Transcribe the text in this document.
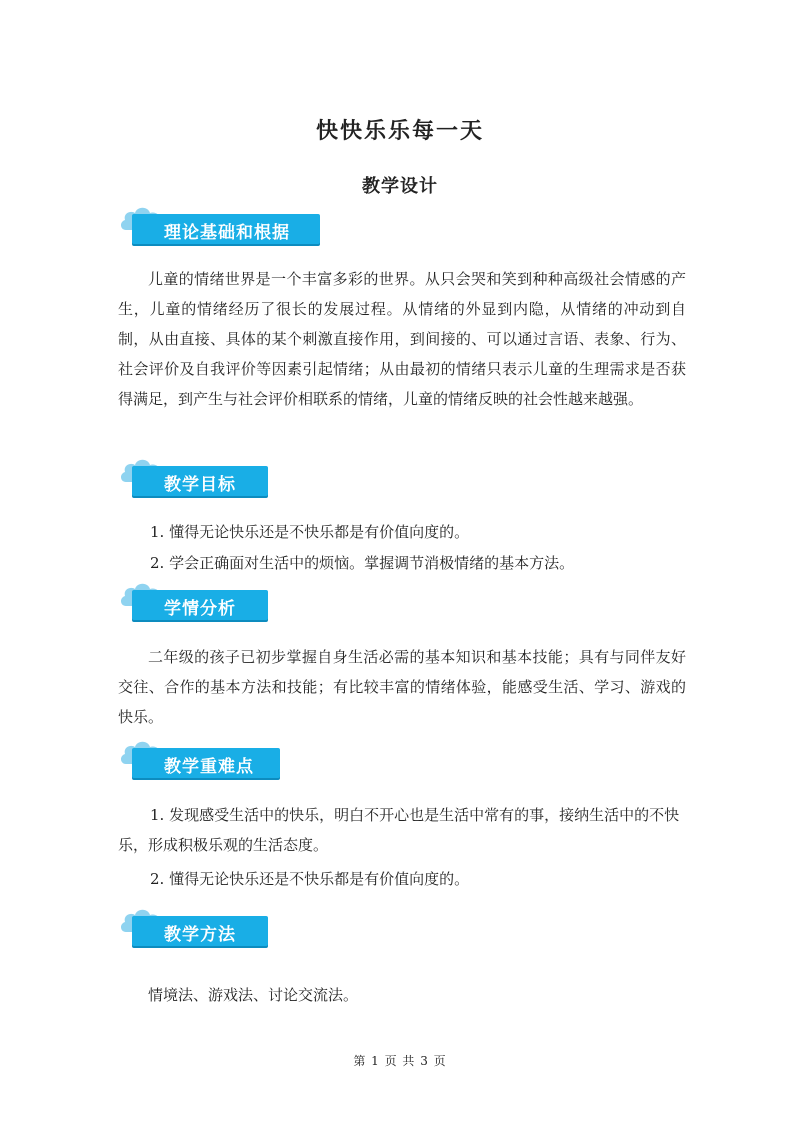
快快乐乐每一天
教学设计
理论基础和根据

儿童的情绪世界是一个丰富多彩的世界。从只会哭和笑到种种高级社会情感的产生，儿童的情绪经历了很长的发展过程。从情绪的外显到内隐，从情绪的冲动到自制，从由直接、具体的某个刺激直接作用，到间接的、可以通过言语、表象、行为、社会评价及自我评价等因素引起情绪；从由最初的情绪只表示儿童的生理需求是否获得满足，到产生与社会评价相联系的情绪，儿童的情绪反映的社会性越来越强。

教学目标

1. 懂得无论快乐还是不快乐都是有价值向度的。

2. 学会正确面对生活中的烦恼。掌握调节消极情绪的基本方法。

学情分析

二年级的孩子已初步掌握自身生活必需的基本知识和基本技能；具有与同伴友好交往、合作的基本方法和技能；有比较丰富的情绪体验，能感受生活、学习、游戏的快乐。

教学重难点

1. 发现感受生活中的快乐，明白不开心也是生活中常有的事，接纳生活中的不快乐，形成积极乐观的生活态度。

2. 懂得无论快乐还是不快乐都是有价值向度的。

教学方法

情境法、游戏法、讨论交流法。

第 1 页 共 3 页
